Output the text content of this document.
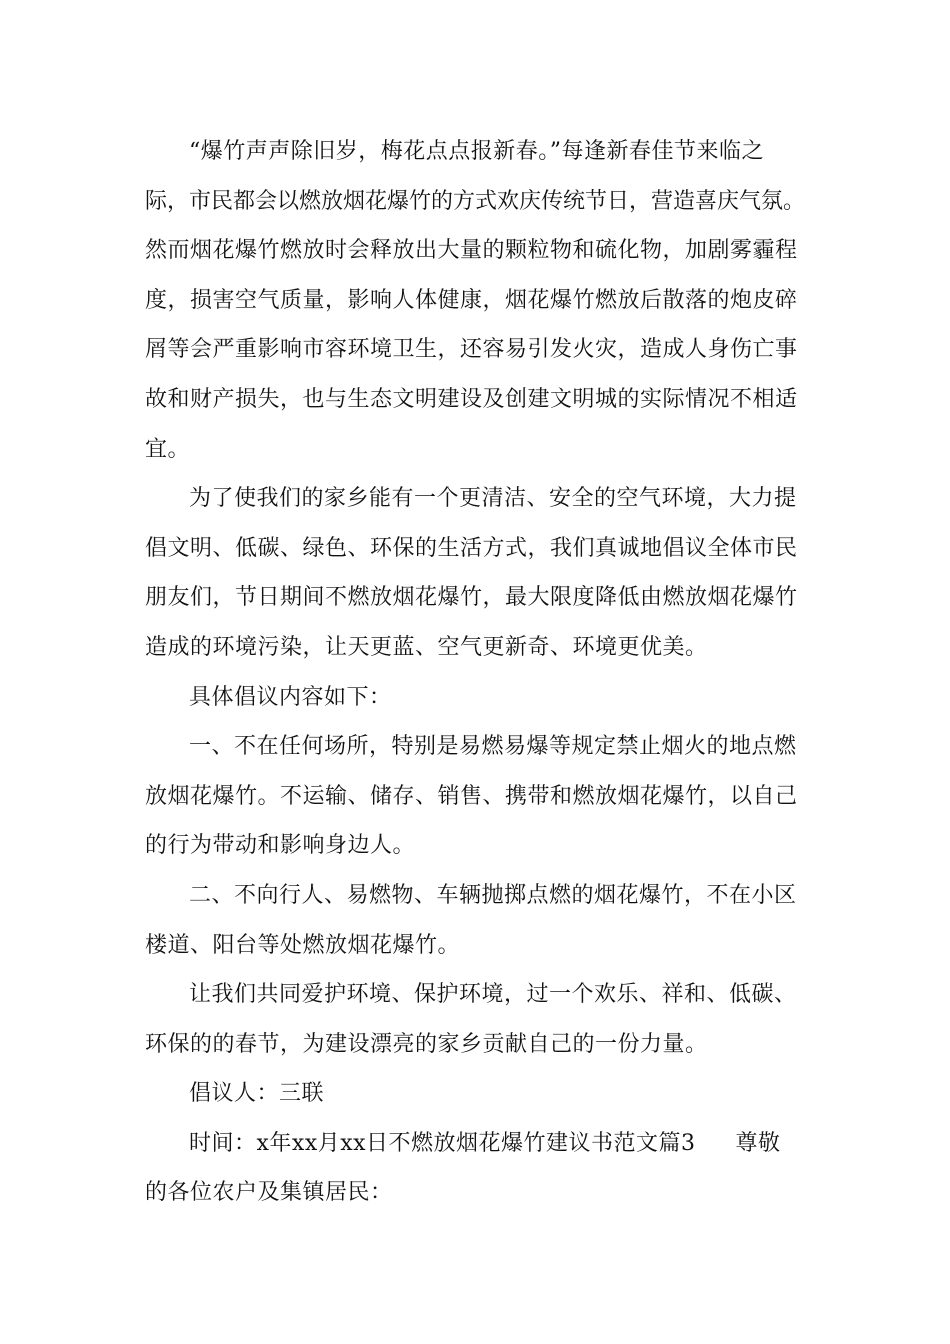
“爆竹声声除旧岁，梅花点点报新春。”每逢新春佳节来临之
际，市民都会以燃放烟花爆竹的方式欢庆传统节日，营造喜庆气氛。
然而烟花爆竹燃放时会释放出大量的颗粒物和硫化物，加剧雾霾程
度，损害空气质量，影响人体健康，烟花爆竹燃放后散落的炮皮碎
屑等会严重影响市容环境卫生，还容易引发火灾，造成人身伤亡事
故和财产损失，也与生态文明建设及创建文明城的实际情况不相适
宜。
为了使我们的家乡能有一个更清洁、安全的空气环境，大力提
倡文明、低碳、绿色、环保的生活方式，我们真诚地倡议全体市民
朋友们，节日期间不燃放烟花爆竹，最大限度降低由燃放烟花爆竹
造成的环境污染，让天更蓝、空气更新奇、环境更优美。
具体倡议内容如下：
一、不在任何场所，特别是易燃易爆等规定禁止烟火的地点燃
放烟花爆竹。不运输、储存、销售、携带和燃放烟花爆竹，以自己
的行为带动和影响身边人。
二、不向行人、易燃物、车辆抛掷点燃的烟花爆竹，不在小区
楼道、阳台等处燃放烟花爆竹。
让我们共同爱护环境、保护环境，过一个欢乐、祥和、低碳、
环保的的春节，为建设漂亮的家乡贡献自己的一份力量。
倡议人：三联
时间：x年xx月xx日不燃放烟花爆竹建议书范文篇3 尊敬
的各位农户及集镇居民：
